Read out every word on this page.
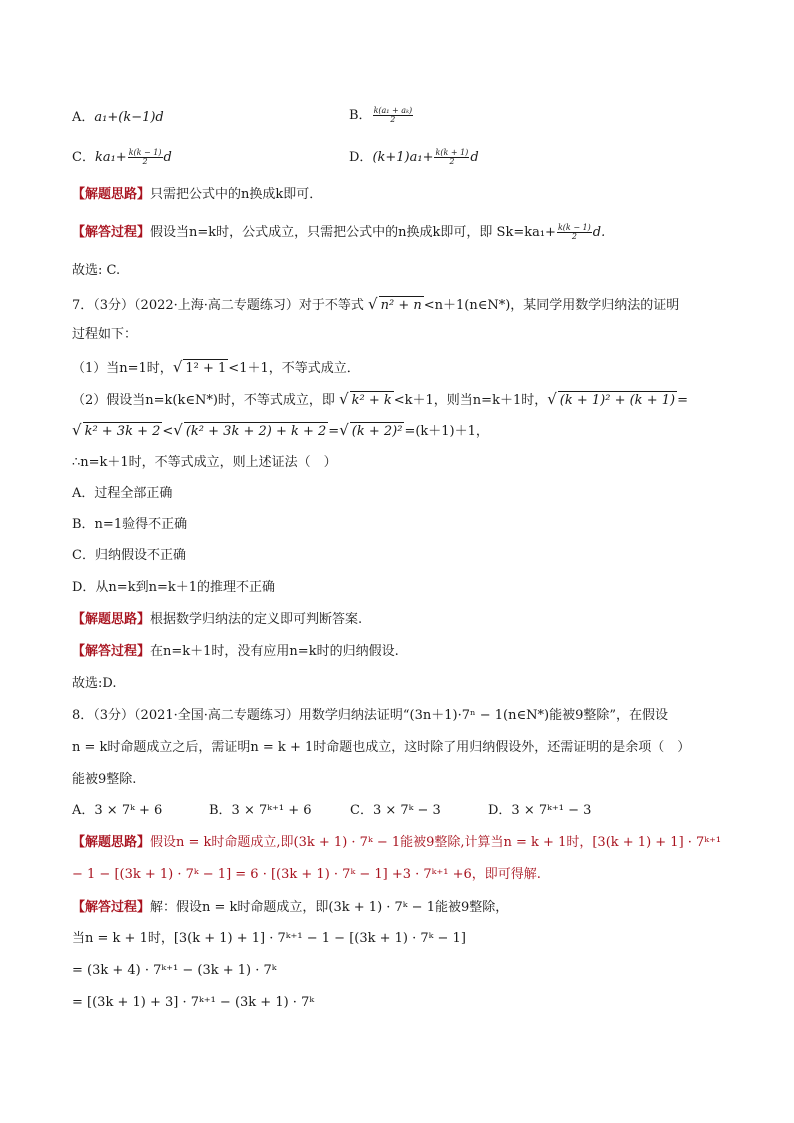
A．a₁+(k−1)d	B． $\frac{\text{k(a₁ + aₖ)}}{2}$
C．$ka_1+ \frac{k(k - 1)}{2}$ d	D．$(k+1)a_1+ \frac{k(k + 1)}{2}$ d
【解题思路】只需把公式中的n换成k即可．
【解答过程】假设当n=k时，公式成立，只需把公式中的n换成k即可，即 $Sk=ka_1+ \frac{k(k - 1)}{2} d$.
故选: C.
7．（3分）（2022·上海·高二专题练习）对于不等式 √ n² + n <n＋1(n∈N*)，某同学用数学归纳法的证明
过程如下：
（1）当n=1时，√ 1² + 1 <1＋1，不等式成立．
（2）假设当n=k(k∈N*)时，不等式成立，即 √ k² + k <k＋1，则当n=k＋1时，√ (k + 1)² + (k + 1) =
√ k² + 3k + 2 <√ (k² + 3k + 2) + k + 2 =√ (k + 2)² =(k＋1)＋1，
∴n=k＋1时，不等式成立，则上述证法（　）
A．过程全部正确
B．n=1验得不正确
C．归纳假设不正确
D．从n=k到n=k＋1的推理不正确
【解题思路】根据数学归纳法的定义即可判断答案.
【解答过程】在n=k＋1时，没有应用n=k时的归纳假设.
故选:D.
8．（3分）（2021·全国·高二专题练习）用数学归纳法证明“(3n＋1)·7ⁿ − 1(n∈N*)能被9整除”，在假设
n = k时命题成立之后，需证明n = k + 1时命题也成立，这时除了用归纳假设外，还需证明的是余项（　）
能被9整除.
A．3 × 7ᵏ + 6	B．3 × 7ᵏ⁺¹ + 6	C．3 × 7ᵏ − 3	D．3 × 7ᵏ⁺¹ − 3
【解题思路】假设n = k时命题成立,即(3k + 1) · 7ᵏ − 1能被9整除,计算当n = k + 1时，[3(k + 1) + 1] · 7ᵏ⁺¹
− 1 − [(3k + 1) · 7ᵏ − 1] = 6 · [(3k + 1) · 7ᵏ − 1] +3 · 7ᵏ⁺¹ +6，即可得解.
【解答过程】解：假设n = k时命题成立，即(3k + 1) · 7ᵏ − 1能被9整除，
当n = k + 1时，[3(k + 1) + 1] · 7ᵏ⁺¹ − 1 − [(3k + 1) · 7ᵏ − 1]
= (3k + 4) · 7ᵏ⁺¹ − (3k + 1) · 7ᵏ
= [(3k + 1) + 3] · 7ᵏ⁺¹ − (3k + 1) · 7ᵏ
